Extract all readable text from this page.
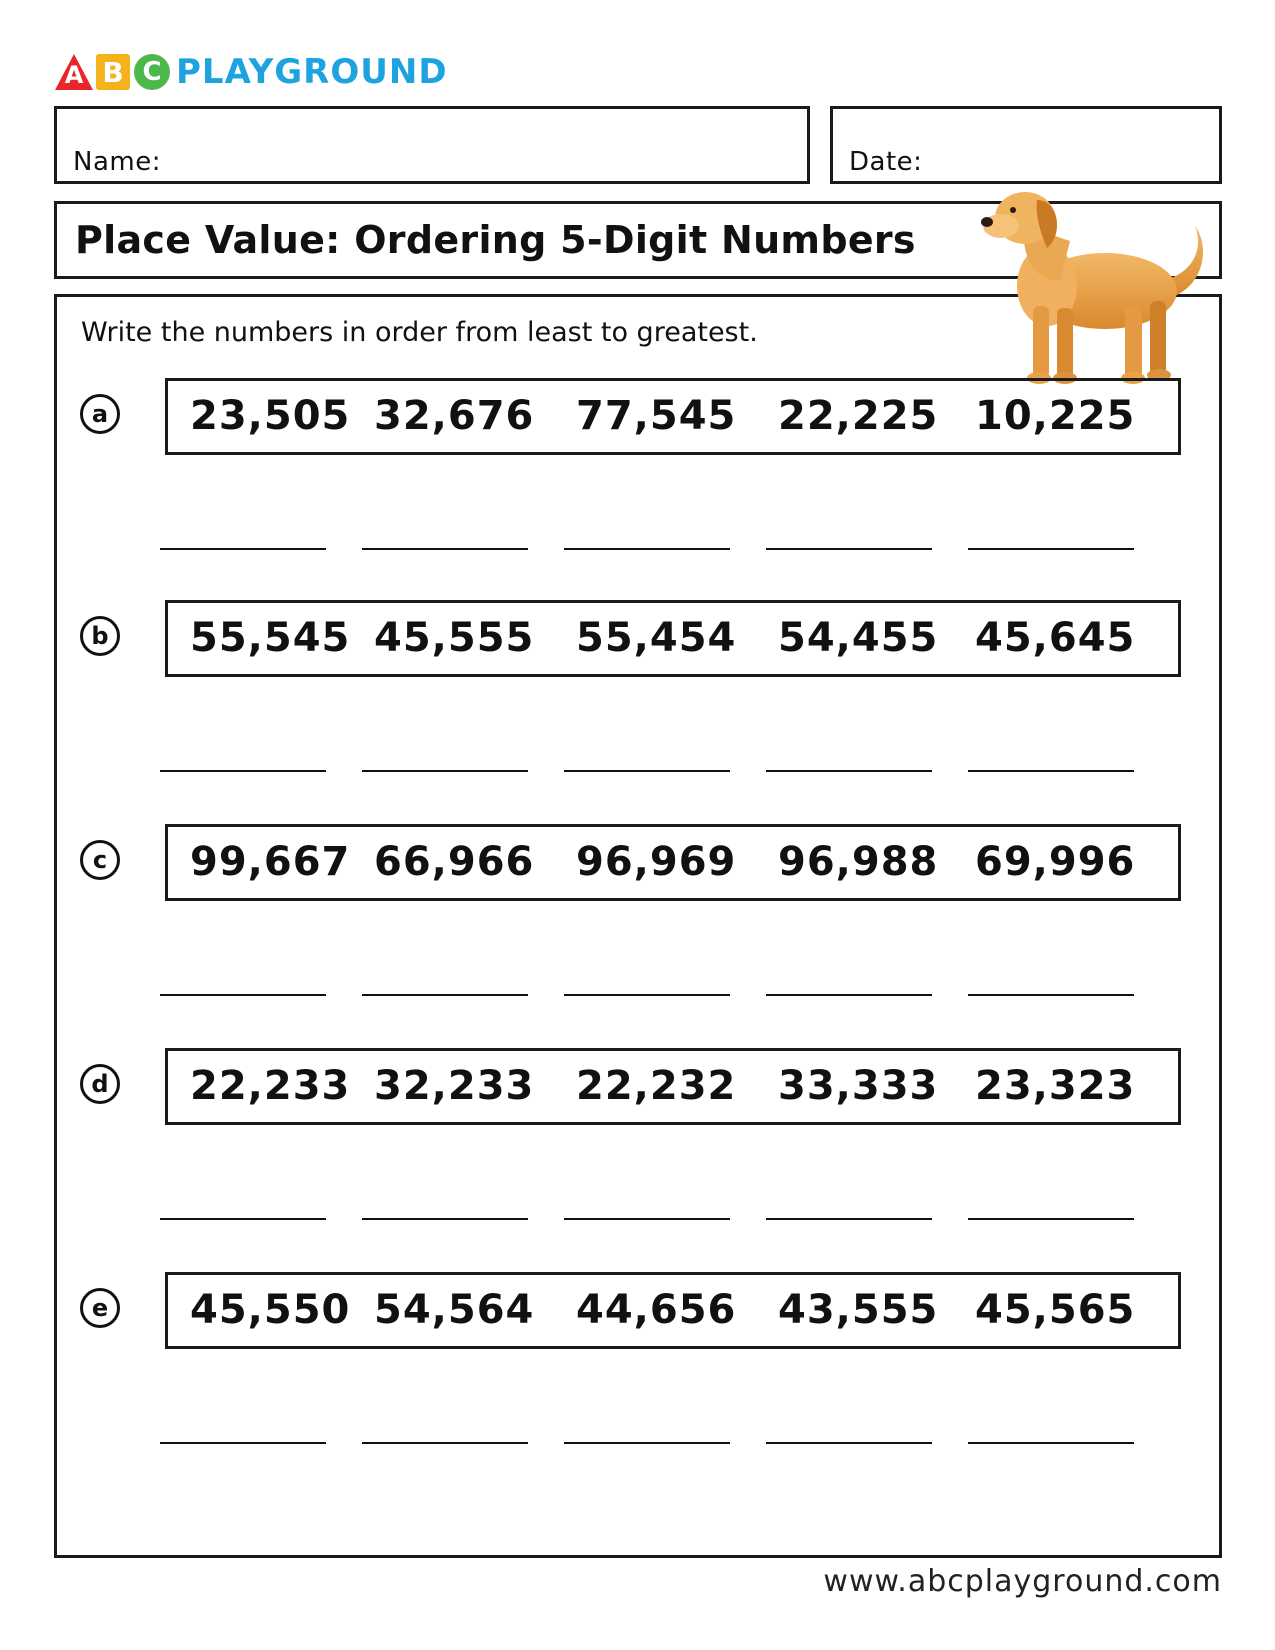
A B C PLAYGROUND
Name:	Date:
Place Value: Ordering 5-Digit Numbers
Write the numbers in order from least to greatest.
a 23,505 32,676 77,545 22,225 10,225
b 55,545 45,555 55,454 54,455 45,645
c	99,667 66,966 96,969 96,988 69,996
d 22,233 32,233 22,232 33,333 23,323
e 45,550 54,564 44,656 43,555 45,565
www.abcplayground.com
